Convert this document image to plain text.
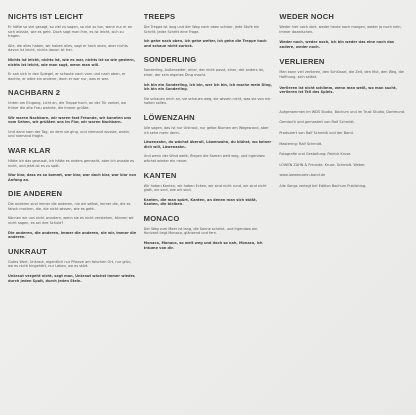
NICHTS IST LEICHT

Er hätte so viel gesagt, so viel zu sagen, so viel zu tun, wenn nur er an sich wüsste, wie es geht. Doch sagt man ihm, es ist leicht, sich zu fragen.

Alle, die alles haben, wir haben alles, sagt er hoch oben, aber nichts davon ist leicht, nichts davon ist frei.

Nichts ist leicht, nichts ist, wie es war, nichts ist so wie gestern, nichts ist leicht, wie man sagt, wenn man will.

Er sah sich in den Spiegel, er schaute nach vorn und nach oben, er dachte, er wäre ein anderer, doch er war nur, was er war.

NACHBARN 2

Unten am Eingang, Licht an, die Treppe hoch, an der Tür vorbei, wo früher die alte Frau wohnte, die immer grüßte.

Wir waren Nachbarn, wir waren fast Freunde, wir kannten uns vom Sehen, wir grüßten uns im Flur, wir waren Nachbarn.

Und dann kam der Tag, an dem sie ging, und niemand wusste, wohin, und niemand fragte.

WAR KLAR

Hätte ich das gewusst, ich hätte es anders gemacht, aber ich wusste es nicht, und jetzt ist es zu spät.

War klar, dass es so kommt, war klar, war doch klar, war klar von Anfang an.

DIE ANDEREN

Die anderen sind immer die anderen, nie wir selbst, immer die, die es falsch machen, die, die nicht wissen, wie es geht.

Können wir uns nicht wundern, wenn sie es nicht verstehen, können wir nicht sagen, es sei ihre Schuld?

Die anderen, die anderen, immer die anderen, nie wir, immer die anderen.

UNKRAUT

Gutes Wort, Unkraut, eigentlich nur Pflanze am falschen Ort, nur grün, wo es nicht hingehört, nur Leben, wo es stört.

Unkraut vergeht nicht, sagt man, Unkraut wächst immer wieder, durch jeden Spalt, durch jeden Stein.

TREEPS

Die Treppe ist lang und der Weg nach oben schwer, jede Stufe ein Schritt, jeder Schritt eine Frage.

Ich gehe nach oben, ich gehe weiter, ich gehe die Treppe hoch und schaue nicht zurück.

SONDERLING

Sonderling, Außenseiter, einer, der nicht passt, einer, der anders ist, einer, der sein eigenes Ding macht.

Ich bin ein Sonderling, ich bin, wer ich bin, ich mache mein Ding, ich bin ein Sonderling.

Sie schauen mich an, sie schauen weg, sie wissen nicht, was sie von mir halten sollen.

LÖWENZAHN

Alle sagen, das ist nur Unkraut, nur gelbe Blumen am Wegesrand, aber ich sehe mehr darin.

Löwenzahn, du wächst überall, Löwenzahn, du blühst, wo keiner dich will, Löwenzahn.

Und wenn der Wind weht, fliegen die Samen weit weg, und irgendwo wächst wieder ein neuer.

KANTEN

Wir haben Kanten, wir haben Ecken, wir sind nicht rund, wir sind nicht glatt, wir sind, wie wir sind.

Kanten, die man spürt, Kanten, an denen man sich stößt, Kanten, die bleiben.

MONACO

Der Weg zum Meer ist lang, die Sonne scheint, und irgendwo am Horizont liegt Monaco, glänzend und fern.

Monaco, Monaco, so weit weg und doch so nah, Monaco, ich träume von dir.

WEDER NOCH

Weder hier noch dort, weder heute noch morgen, weder ja noch nein, immer dazwischen.

Weder noch, weder noch, ich bin weder das eine noch das andere, weder noch.

VERLIEREN

Man kann viel verlieren, den Schlüssel, die Zeit, den Mut, den Weg, die Hoffnung, sich selbst.

Verlieren ist nicht schlimm, wenn man weiß, wo man sucht, verlieren ist Teil des Spiels.

Aufgenommen im WDS Studio, Bochum und im Trust Studio, Dortmund.

Gemischt und gemastert von Ralf Schmidt.

Produziert von Ralf Schmidt und der Band.

Mastering: Ralf Schmidt.

Fotografie und Gestaltung: Patrick Kruse.

LOWEN ZAHN & Freunde. Kruse. Schmidt. Weber.

www.loewenzahn-band.de

Alle Songs verlegt bei Edition Bochum Publishing.
